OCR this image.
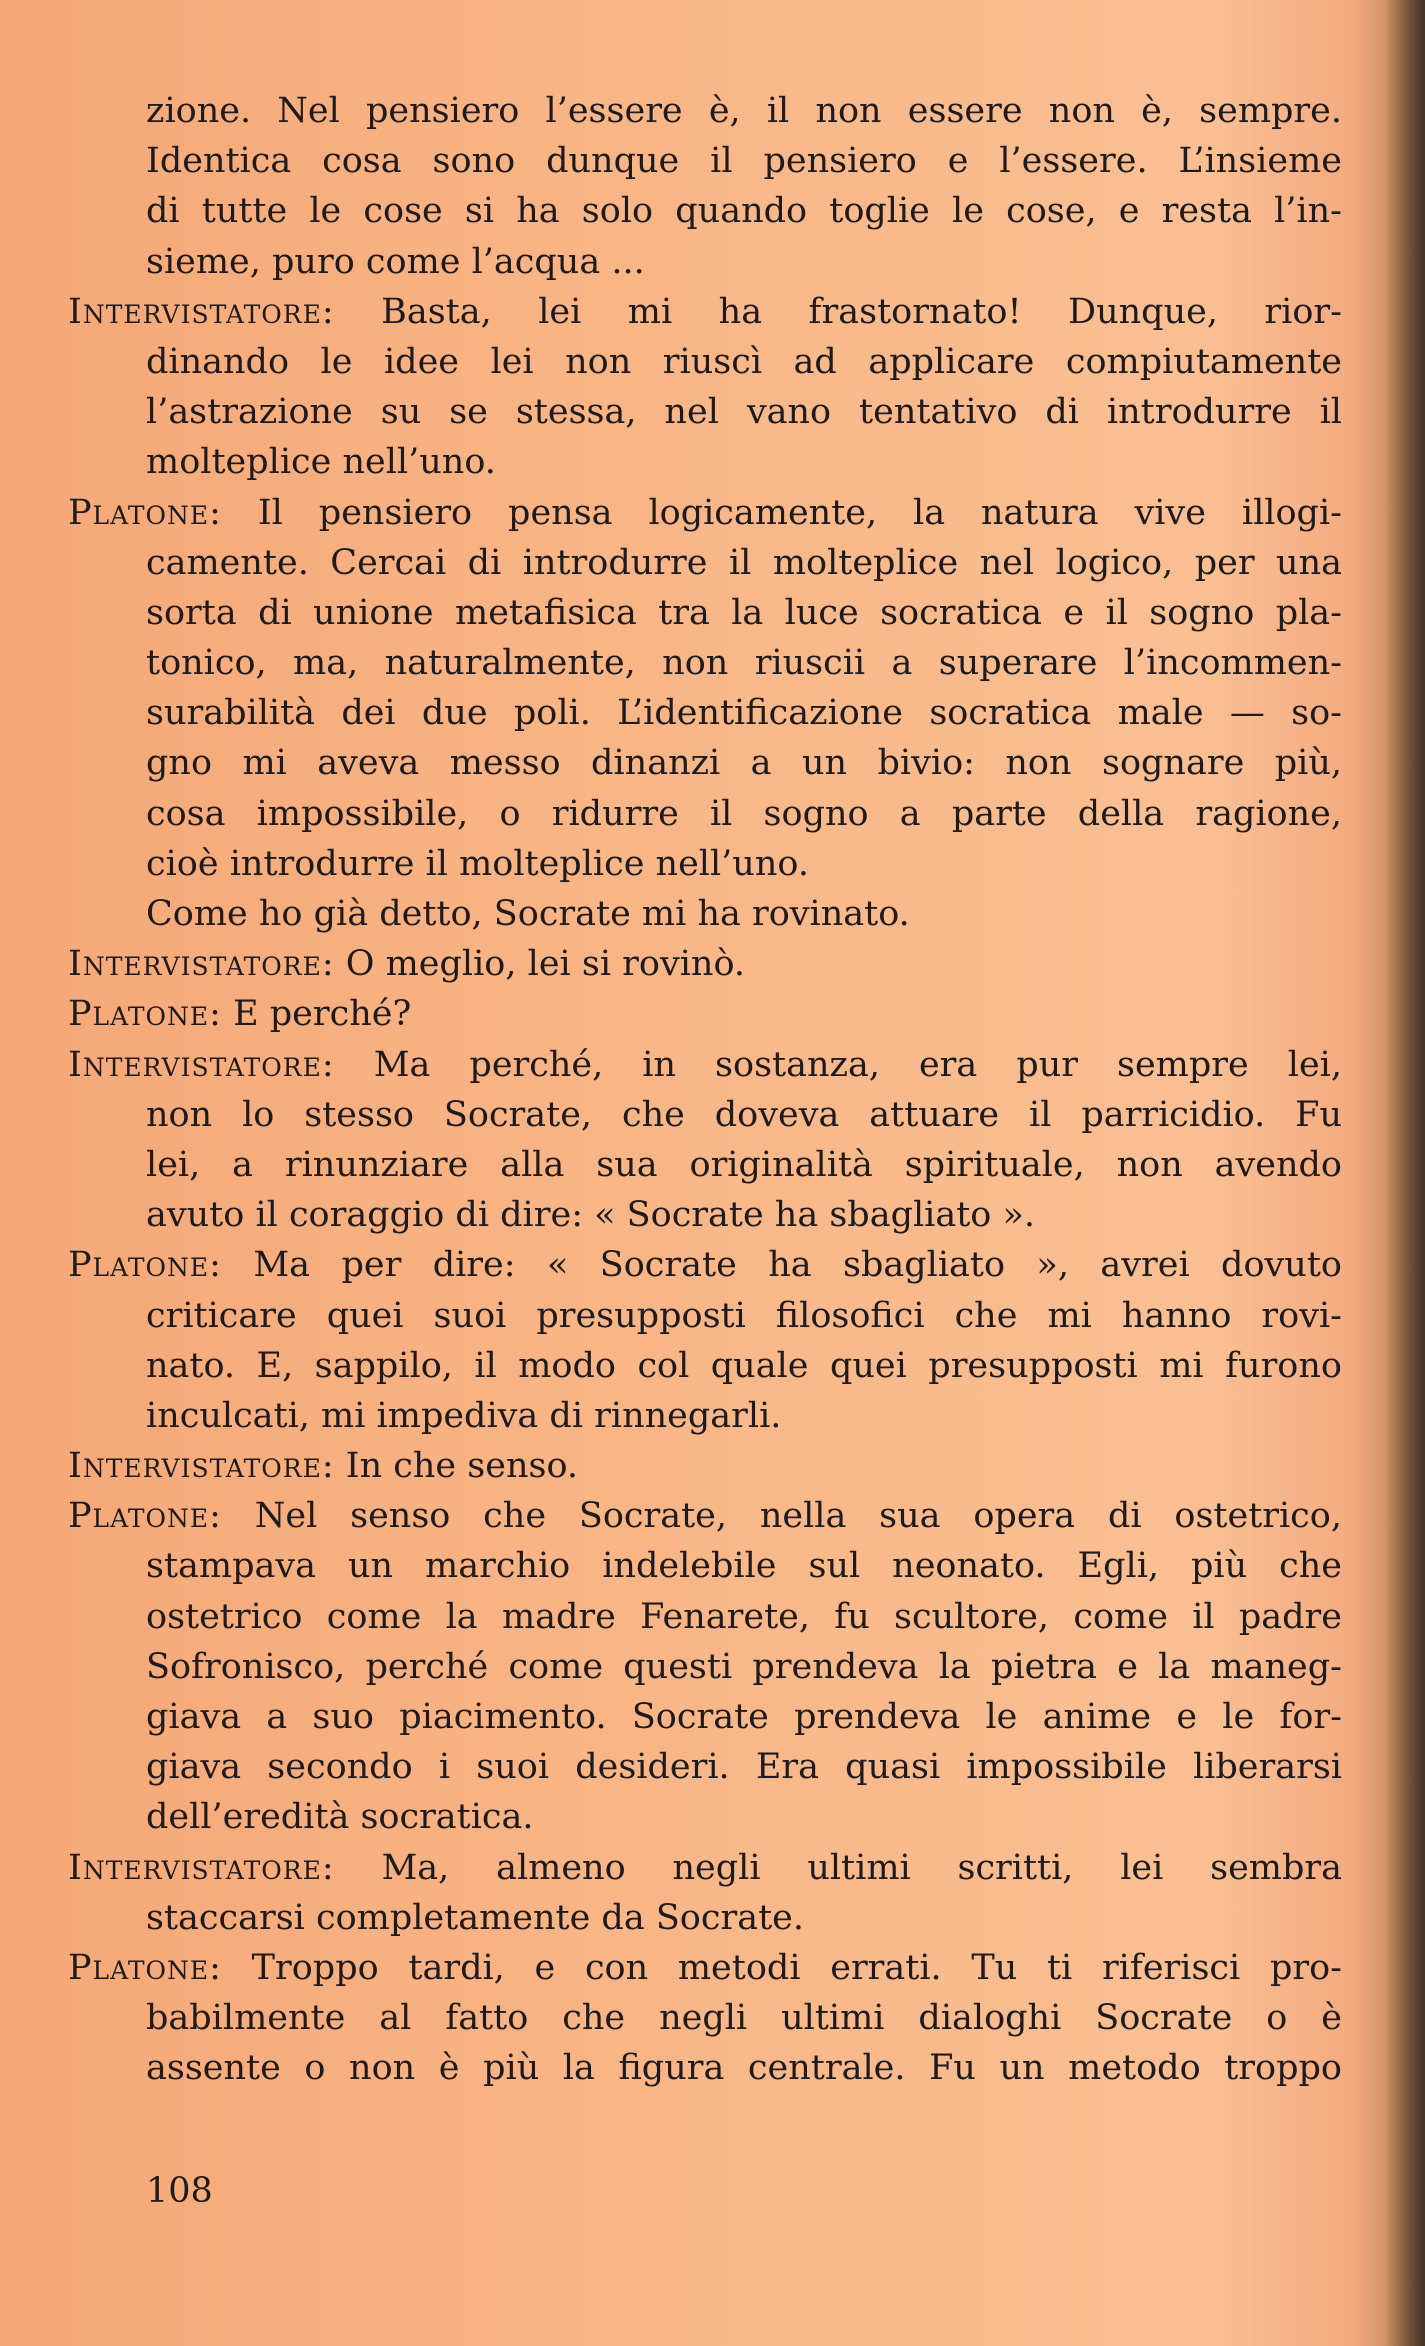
zione. Nel pensiero l’essere è, il non essere non è, sempre.
Identica cosa sono dunque il pensiero e l’essere. L’insieme
di tutte le cose si ha solo quando toglie le cose, e resta l’in-
sieme, puro come l’acqua ...
Intervistatore: Basta, lei mi ha frastornato! Dunque, rior-
dinando le idee lei non riuscì ad applicare compiutamente
l’astrazione su se stessa, nel vano tentativo di introdurre il
molteplice nell’uno.
Platone: Il pensiero pensa logicamente, la natura vive illogi-
camente. Cercai di introdurre il molteplice nel logico, per una
sorta di unione metafisica tra la luce socratica e il sogno pla-
tonico, ma, naturalmente, non riuscii a superare l’incommen-
surabilità dei due poli. L’identificazione socratica male — so-
gno mi aveva messo dinanzi a un bivio: non sognare più,
cosa impossibile, o ridurre il sogno a parte della ragione,
cioè introdurre il molteplice nell’uno.
Come ho già detto, Socrate mi ha rovinato.
Intervistatore: O meglio, lei si rovinò.
Platone: E perché?
Intervistatore: Ma perché, in sostanza, era pur sempre lei,
non lo stesso Socrate, che doveva attuare il parricidio. Fu
lei, a rinunziare alla sua originalità spirituale, non avendo
avuto il coraggio di dire: « Socrate ha sbagliato ».
Platone: Ma per dire: « Socrate ha sbagliato », avrei dovuto
criticare quei suoi presupposti filosofici che mi hanno rovi-
nato. E, sappilo, il modo col quale quei presupposti mi furono
inculcati, mi impediva di rinnegarli.
Intervistatore: In che senso.
Platone: Nel senso che Socrate, nella sua opera di ostetrico,
stampava un marchio indelebile sul neonato. Egli, più che
ostetrico come la madre Fenarete, fu scultore, come il padre
Sofronisco, perché come questi prendeva la pietra e la maneg-
giava a suo piacimento. Socrate prendeva le anime e le for-
giava secondo i suoi desideri. Era quasi impossibile liberarsi
dell’eredità socratica.
Intervistatore: Ma, almeno negli ultimi scritti, lei sembra
staccarsi completamente da Socrate.
Platone: Troppo tardi, e con metodi errati. Tu ti riferisci pro-
babilmente al fatto che negli ultimi dialoghi Socrate o è
assente o non è più la figura centrale. Fu un metodo troppo
108
